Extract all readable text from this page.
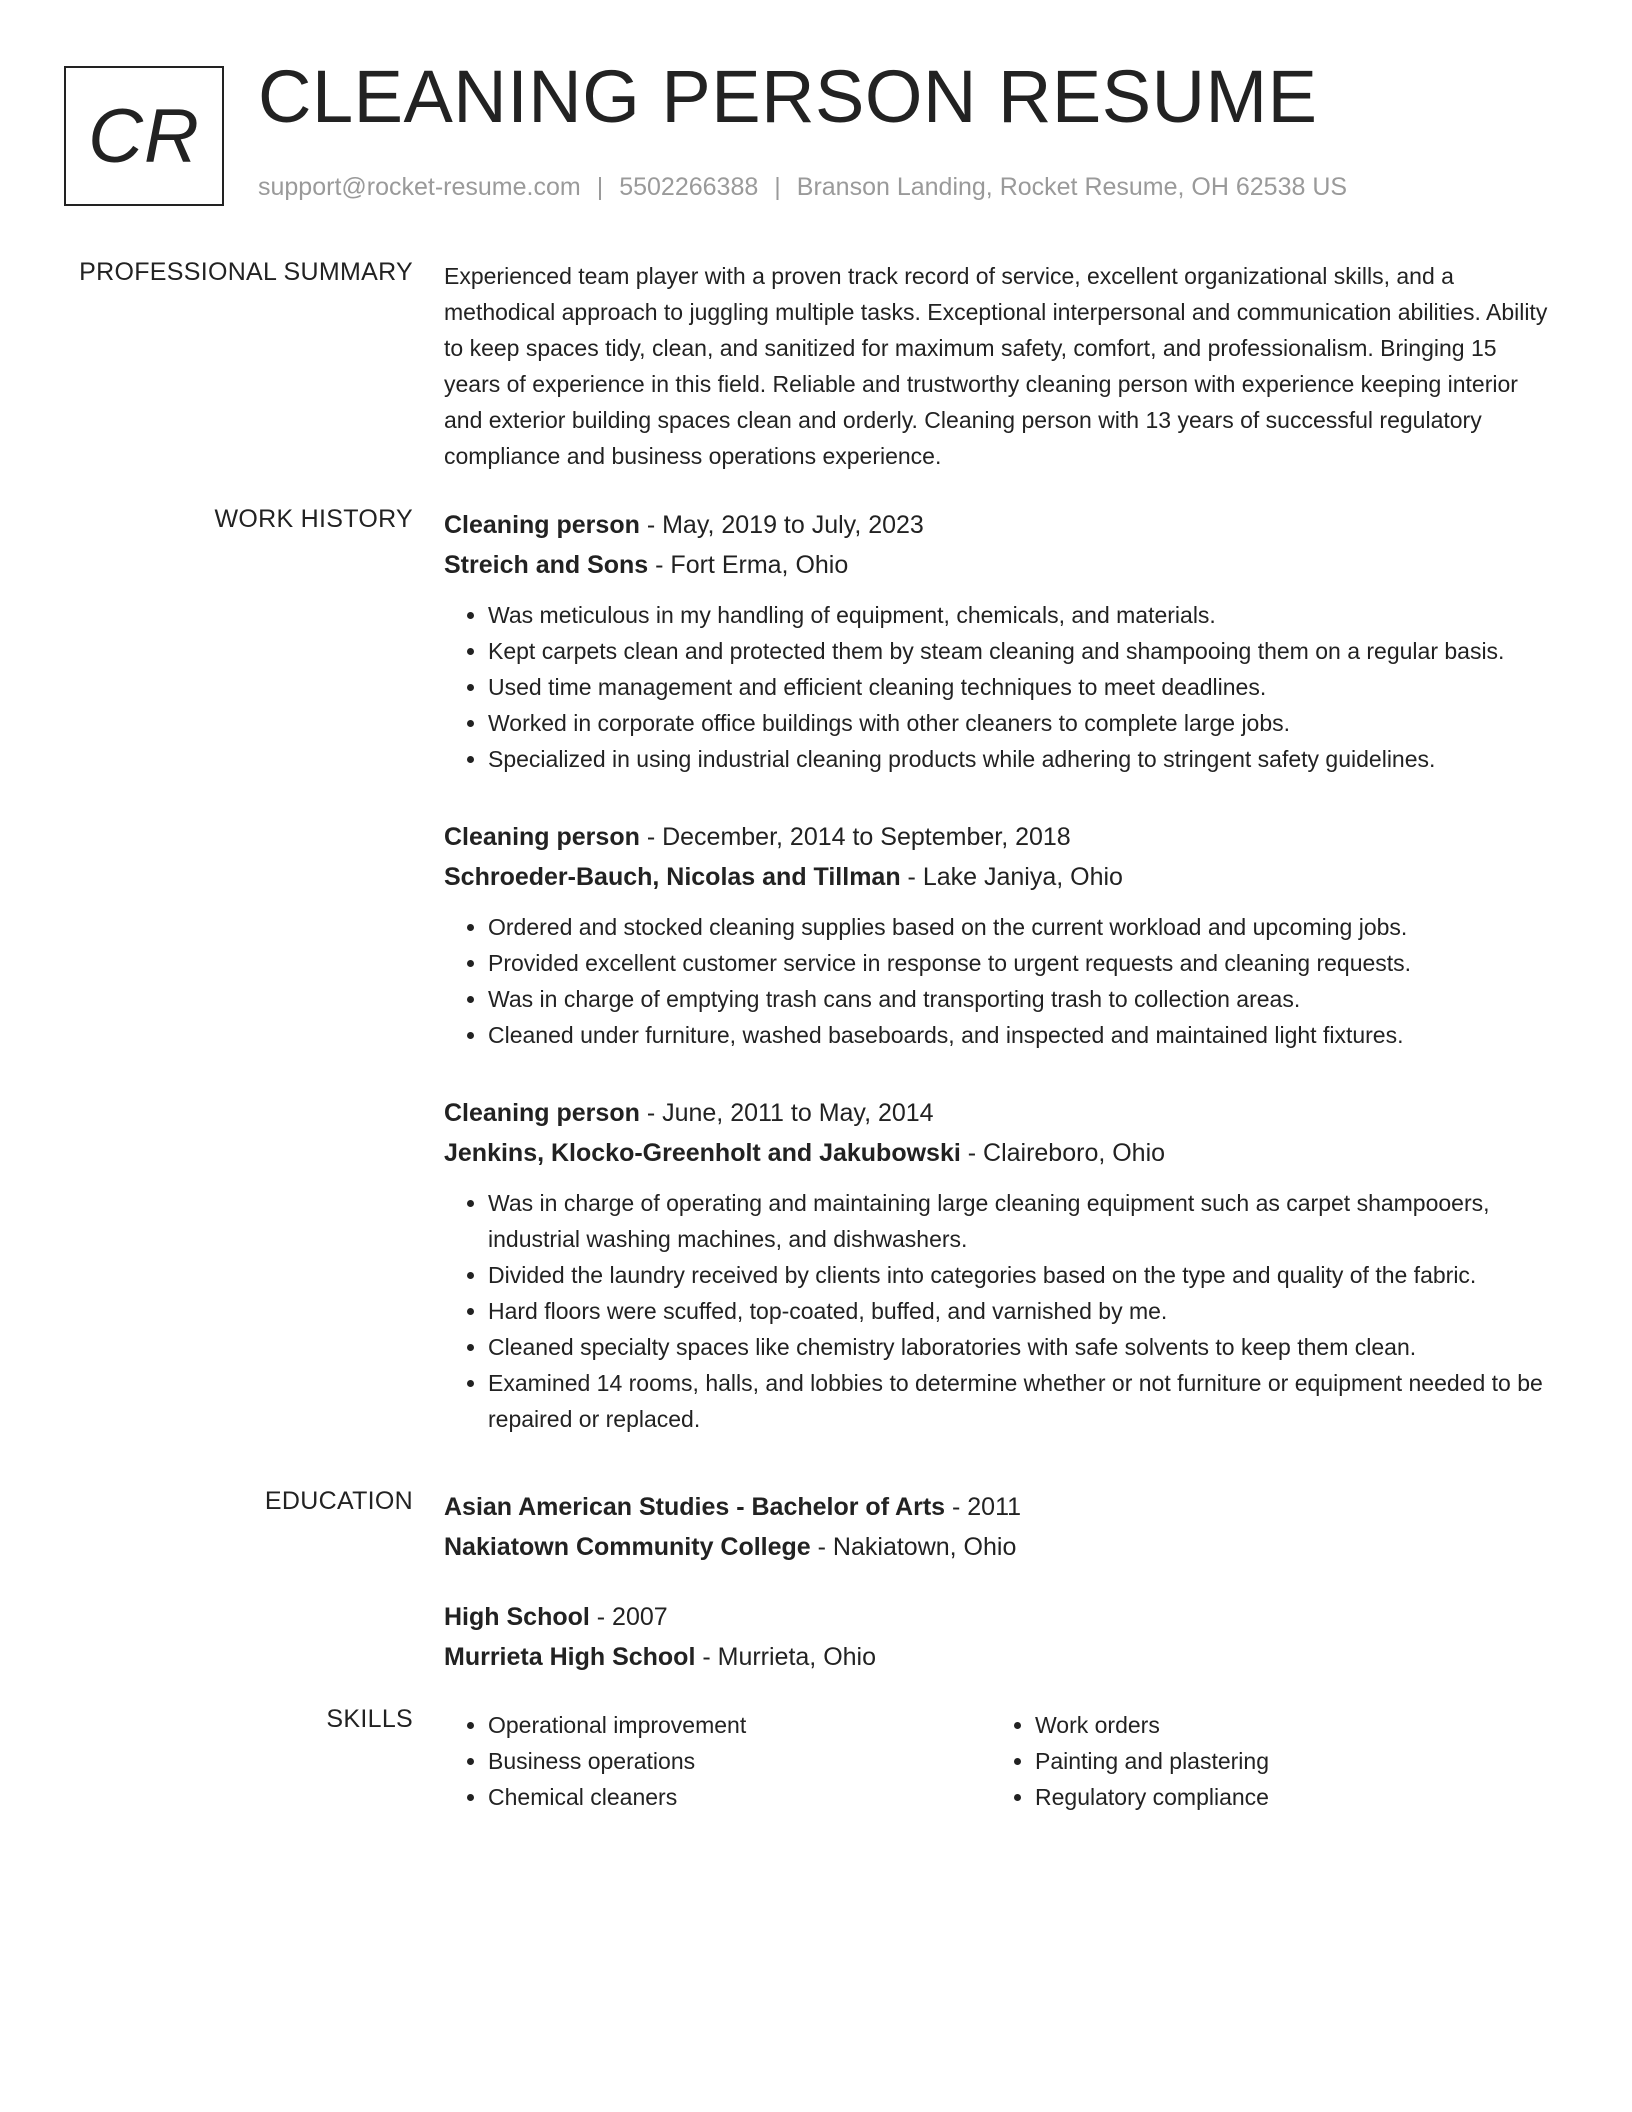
CR CLEANING PERSON RESUME
support@rocket-resume.com | 5502266388 | Branson Landing, Rocket Resume, OH 62538 US
PROFESSIONAL SUMMARY Experienced team player with a proven track record of service, excellent organizational skills, and a methodical approach to juggling multiple tasks. Exceptional interpersonal and communication abilities. Ability to keep spaces tidy, clean, and sanitized for maximum safety, comfort, and professionalism. Bringing 15 years of experience in this field. Reliable and trustworthy cleaning person with experience keeping interior and exterior building spaces clean and orderly. Cleaning person with 13 years of successful regulatory compliance and business operations experience.
WORK HISTORY Cleaning person - May, 2019 to July, 2023
Streich and Sons - Fort Erma, Ohio
• Was meticulous in my handling of equipment, chemicals, and materials.
• Kept carpets clean and protected them by steam cleaning and shampooing them on a regular basis.
• Used time management and efficient cleaning techniques to meet deadlines.
• Worked in corporate office buildings with other cleaners to complete large jobs.
• Specialized in using industrial cleaning products while adhering to stringent safety guidelines.
Cleaning person - December, 2014 to September, 2018
Schroeder-Bauch, Nicolas and Tillman - Lake Janiya, Ohio
• Ordered and stocked cleaning supplies based on the current workload and upcoming jobs.
• Provided excellent customer service in response to urgent requests and cleaning requests.
• Was in charge of emptying trash cans and transporting trash to collection areas.
• Cleaned under furniture, washed baseboards, and inspected and maintained light fixtures.
Cleaning person - June, 2011 to May, 2014
Jenkins, Klocko-Greenholt and Jakubowski - Claireboro, Ohio
• Was in charge of operating and maintaining large cleaning equipment such as carpet shampooers, industrial washing machines, and dishwashers.
• Divided the laundry received by clients into categories based on the type and quality of the fabric.
• Hard floors were scuffed, top-coated, buffed, and varnished by me.
• Cleaned specialty spaces like chemistry laboratories with safe solvents to keep them clean.
• Examined 14 rooms, halls, and lobbies to determine whether or not furniture or equipment needed to be repaired or replaced.
EDUCATION Asian American Studies - Bachelor of Arts - 2011
Nakiatown Community College - Nakiatown, Ohio
High School - 2007
Murrieta High School - Murrieta, Ohio
SKILLS
•	Operational improvement
• Business operations
• Chemical cleaners
• Work orders
• Painting and plastering
• Regulatory compliance
